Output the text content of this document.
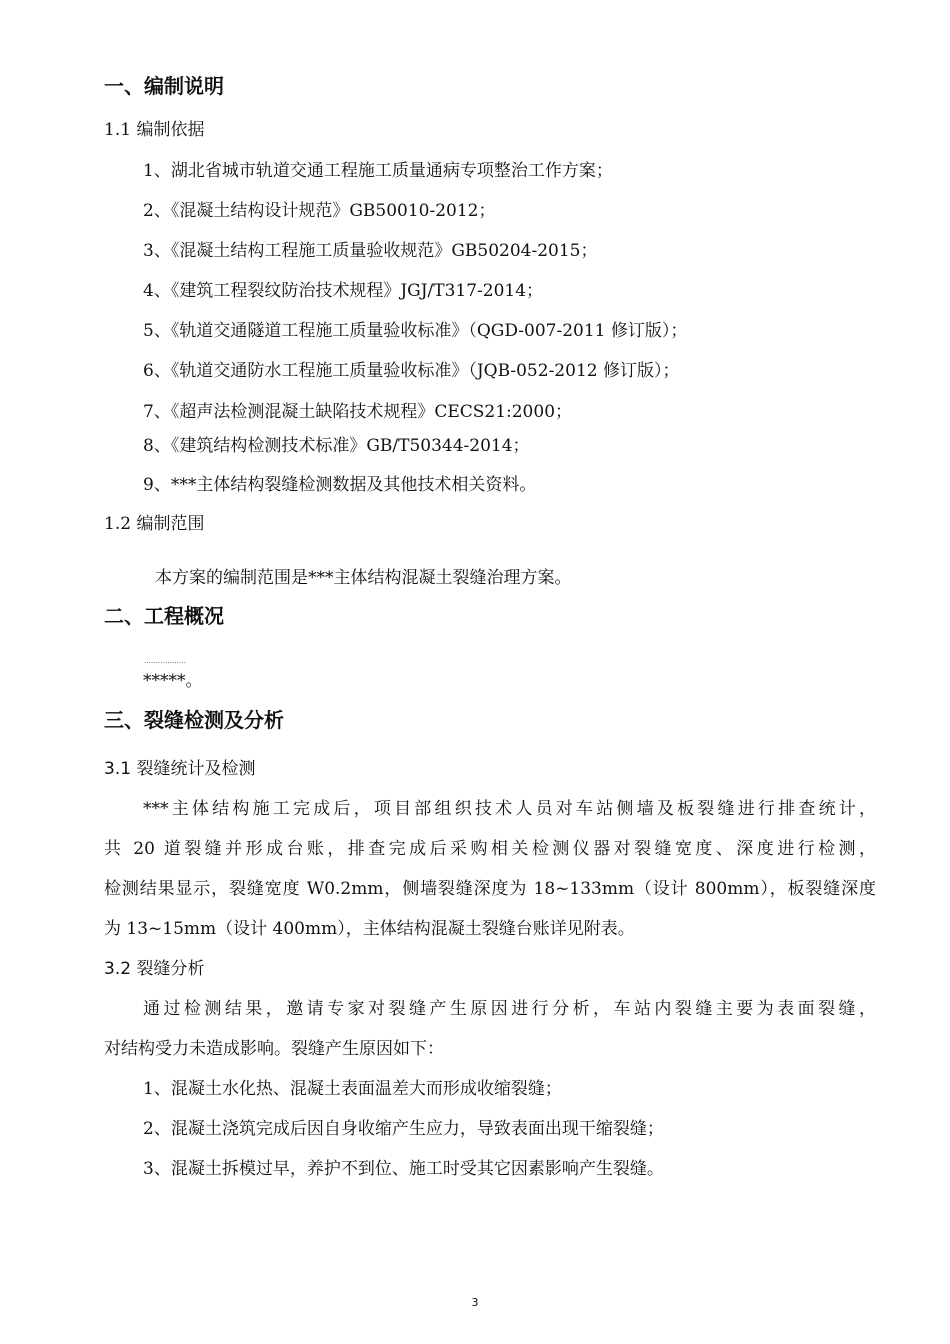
一、编制说明
1.1 编制依据
1、湖北省城市轨道交通工程施工质量通病专项整治工作方案；
2、《混凝土结构设计规范》GB50010-2012；
3、《混凝土结构工程施工质量验收规范》GB50204-2015；
4、《建筑工程裂纹防治技术规程》JGJ/T317-2014；
5、《轨道交通隧道工程施工质量验收标准》（QGD-007-2011 修订版）；
6、《轨道交通防水工程施工质量验收标准》（JQB-052-2012 修订版）；
7、《超声法检测混凝土缺陷技术规程》CECS21:2000；
8、《建筑结构检测技术标准》GB/T50344-2014；
9、***主体结构裂缝检测数据及其他技术相关资料。
1.2 编制范围
本方案的编制范围是***主体结构混凝土裂缝治理方案。
二、工程概况
………………
*****。
三、裂缝检测及分析
3.1 裂缝统计及检测
***主体结构施工完成后，项目部组织技术人员对车站侧墙及板裂缝进行排查统计，
共 20 道裂缝并形成台账，排查完成后采购相关检测仪器对裂缝宽度、深度进行检测，
检测结果显示，裂缝宽度 W0.2mm，侧墙裂缝深度为 18~133mm（设计 800mm），板裂缝深度
为 13~15mm（设计 400mm），主体结构混凝土裂缝台账详见附表。
3.2 裂缝分析
通过检测结果，邀请专家对裂缝产生原因进行分析，车站内裂缝主要为表面裂缝，
对结构受力未造成影响。裂缝产生原因如下：
1、混凝土水化热、混凝土表面温差大而形成收缩裂缝；
2、混凝土浇筑完成后因自身收缩产生应力，导致表面出现干缩裂缝；
3、混凝土拆模过早，养护不到位、施工时受其它因素影响产生裂缝。
3
